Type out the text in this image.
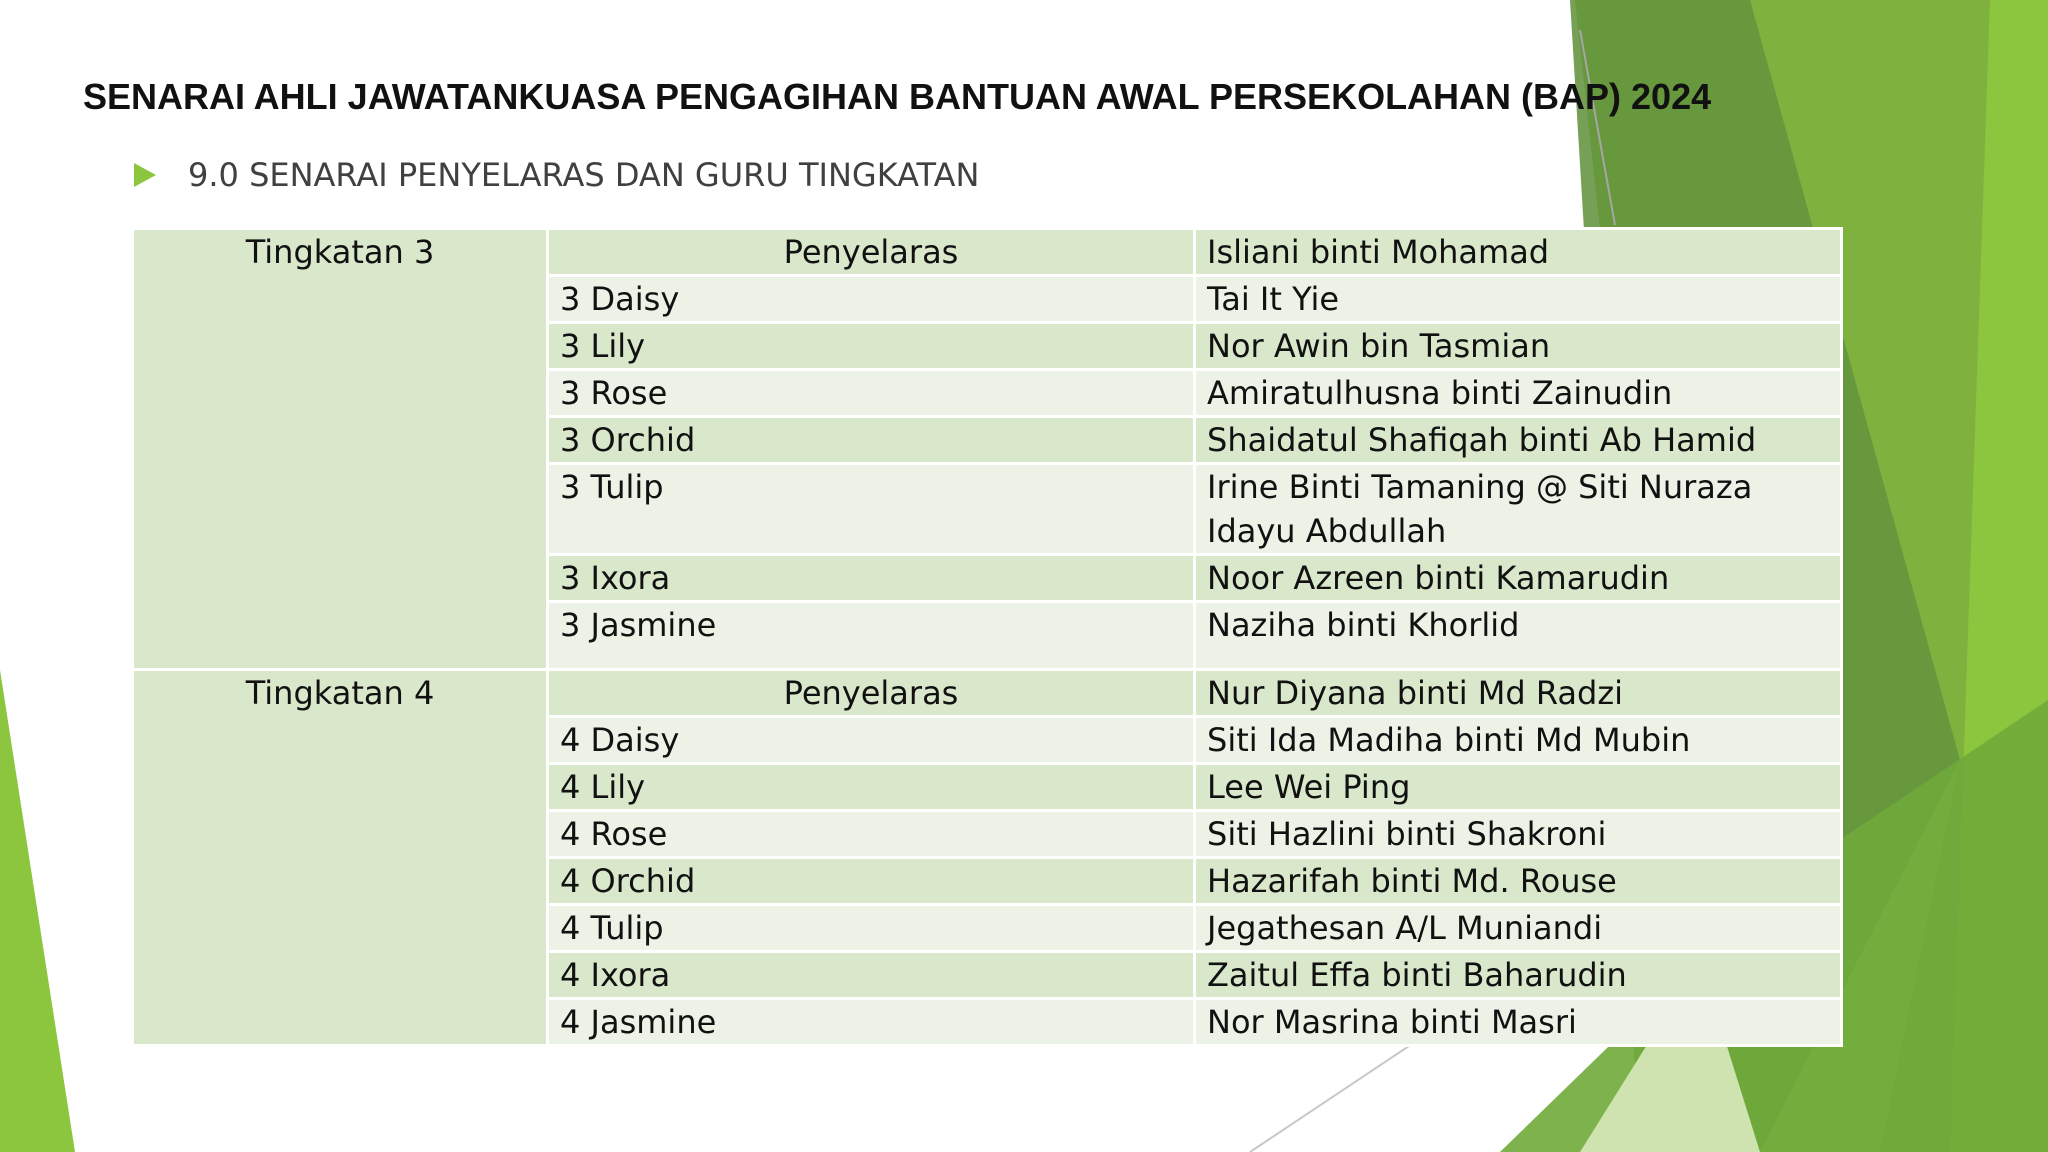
SENARAI AHLI JAWATANKUASA PENGAGIHAN BANTUAN AWAL PERSEKOLAHAN (BAP) 2024
9.0 SENARAI PENYELARAS DAN GURU TINGKATAN
Tingkatan 3	Penyelaras	Isliani binti Mohamad
	3 Daisy	Tai It Yie
	3 Lily	Nor Awin bin Tasmian
	3 Rose	Amiratulhusna binti Zainudin
	3 Orchid	Shaidatul Shafiqah binti Ab Hamid
	3 Tulip	Irine Binti Tamaning @ Siti Nuraza Idayu Abdullah
	3 Ixora	Noor Azreen binti Kamarudin
	3 Jasmine	Naziha binti Khorlid
Tingkatan 4	Penyelaras	Nur Diyana binti Md Radzi
	4 Daisy	Siti Ida Madiha binti Md Mubin
	4 Lily	Lee Wei Ping
	4 Rose	Siti Hazlini binti Shakroni
	4 Orchid	Hazarifah binti Md. Rouse
	4 Tulip	Jegathesan A/L Muniandi
	4 Ixora	Zaitul Effa binti Baharudin
	4 Jasmine	Nor Masrina binti Masri
